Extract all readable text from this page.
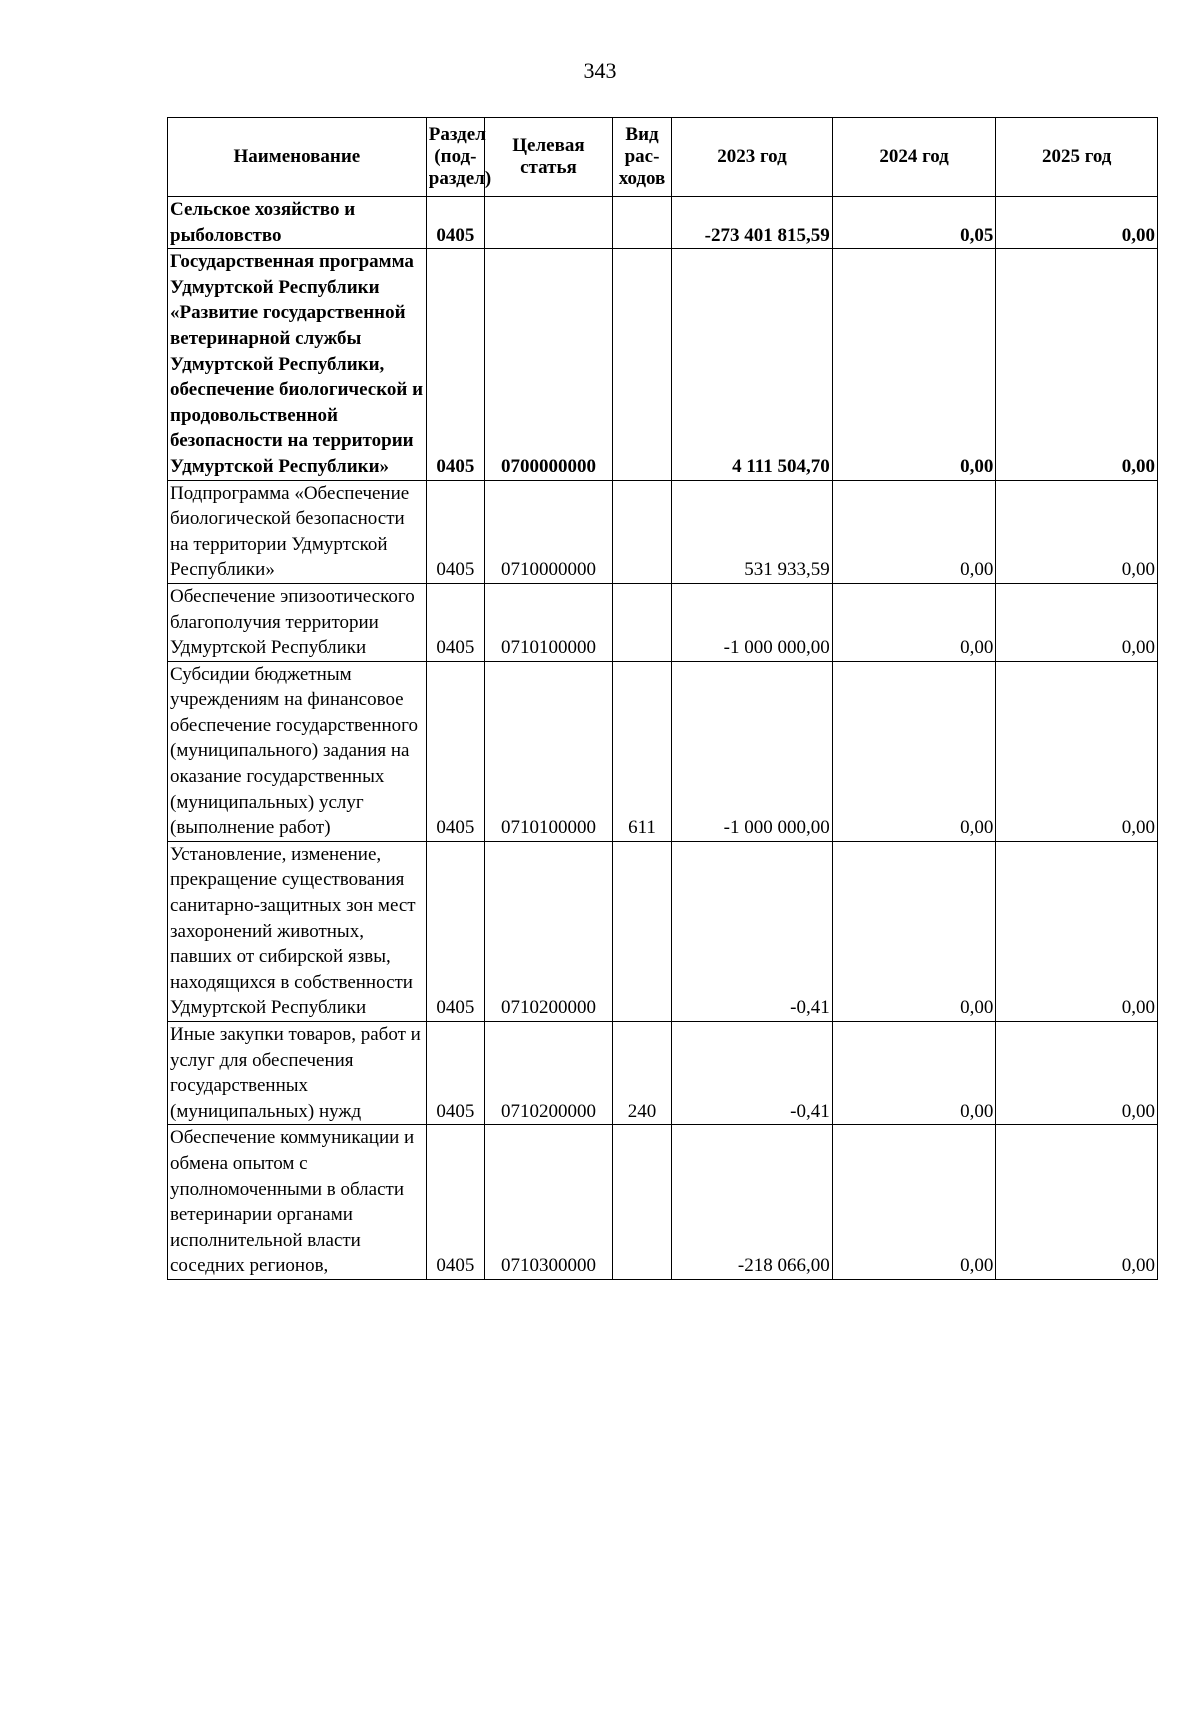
343
Наименование	Раздел (под-раздел)	Целевая статья	Вид рас-ходов	2023 год	2024 год	2025 год
Сельское хозяйство и рыболовство	0405			-273 401 815,59	0,05	0,00
Государственная программа Удмуртской Республики «Развитие государственной ветеринарной службы Удмуртской Республики, обеспечение биологической и продовольственной безопасности на территории Удмуртской Республики»	0405	0700000000		4 111 504,70	0,00	0,00
Подпрограмма «Обеспечение биологической безопасности на территории Удмуртской Республики»	0405	0710000000		531 933,59	0,00	0,00
Обеспечение эпизоотического благополучия территории Удмуртской Республики	0405	0710100000		-1 000 000,00	0,00	0,00
Субсидии бюджетным учреждениям на финансовое обеспечение государственного (муниципального) задания на оказание государственных (муниципальных) услуг (выполнение работ)	0405	0710100000	611	-1 000 000,00	0,00	0,00
Установление, изменение, прекращение существования санитарно-защитных зон мест захоронений животных, павших от сибирской язвы, находящихся в собственности Удмуртской Республики	0405	0710200000		-0,41	0,00	0,00
Иные закупки товаров, работ и услуг для обеспечения государственных (муниципальных) нужд	0405	0710200000	240	-0,41	0,00	0,00
Обеспечение коммуникации и обмена опытом с уполномоченными в области ветеринарии органами исполнительной власти соседних регионов,	0405	0710300000		-218 066,00	0,00	0,00
